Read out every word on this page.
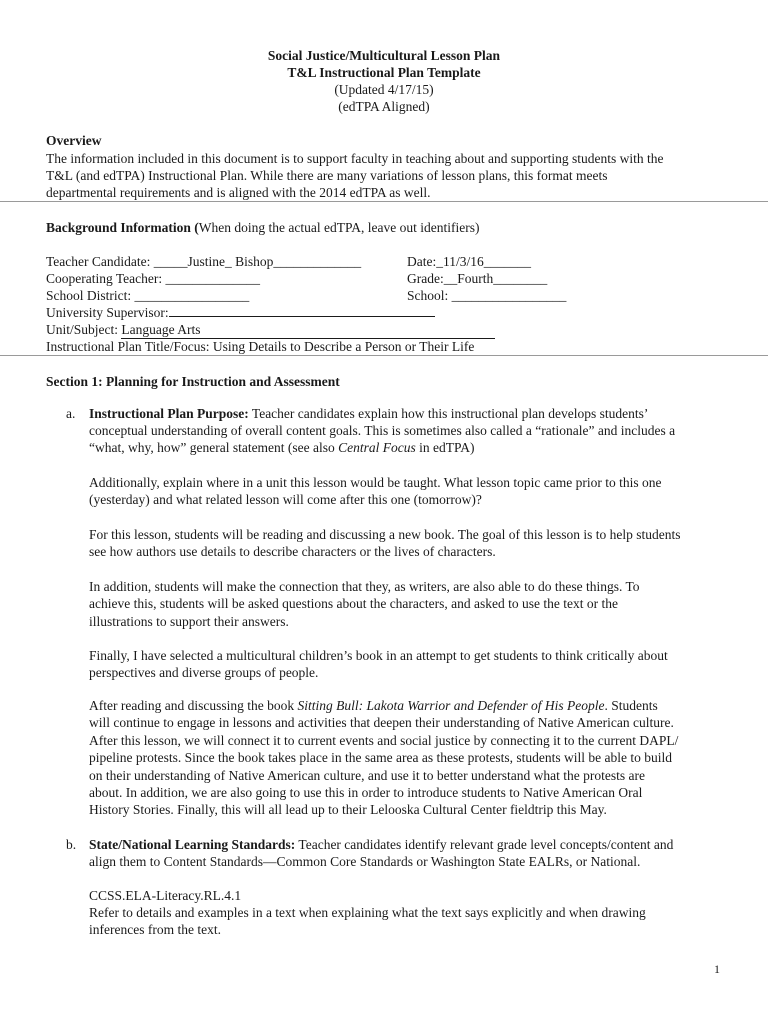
Social Justice/Multicultural Lesson Plan
T&L Instructional Plan Template
(Updated 4/17/15)
(edTPA Aligned)
Overview
The information included in this document is to support faculty in teaching about and supporting students with the
T&L (and edTPA) Instructional Plan. While there are many variations of lesson plans, this format meets
departmental requirements and is aligned with the 2014 edTPA as well.
Background Information (When doing the actual edTPA, leave out identifiers)
Teacher Candidate: _____Justine_ Bishop_____________	Date:_11/3/16_______
Cooperating Teacher: ______________	Grade:__Fourth________
School District: _________________	School: _________________
University Supervisor:
Unit/Subject: Language Arts
Instructional Plan Title/Focus: Using Details to Describe a Person or Their Life
Section 1: Planning for Instruction and Assessment
a. Instructional Plan Purpose: Teacher candidates explain how this instructional plan develops students’
conceptual understanding of overall content goals. This is sometimes also called a “rationale” and includes a
“what, why, how” general statement (see also Central Focus in edTPA)
Additionally, explain where in a unit this lesson would be taught. What lesson topic came prior to this one
(yesterday) and what related lesson will come after this one (tomorrow)?
For this lesson, students will be reading and discussing a new book. The goal of this lesson is to help students
see how authors use details to describe characters or the lives of characters.
In addition, students will make the connection that they, as writers, are also able to do these things. To
achieve this, students will be asked questions about the characters, and asked to use the text or the
illustrations to support their answers.
Finally, I have selected a multicultural children’s book in an attempt to get students to think critically about
perspectives and diverse groups of people.
After reading and discussing the book Sitting Bull: Lakota Warrior and Defender of His People. Students
will continue to engage in lessons and activities that deepen their understanding of Native American culture.
After this lesson, we will connect it to current events and social justice by connecting it to the current DAPL/
pipeline protests. Since the book takes place in the same area as these protests, students will be able to build
on their understanding of Native American culture, and use it to better understand what the protests are
about. In addition, we are also going to use this in order to introduce students to Native American Oral
History Stories. Finally, this will all lead up to their Lelooska Cultural Center fieldtrip this May.
b. State/National Learning Standards: Teacher candidates identify relevant grade level concepts/content and
align them to Content Standards—Common Core Standards or Washington State EALRs, or National.
CCSS.ELA-Literacy.RL.4.1
Refer to details and examples in a text when explaining what the text says explicitly and when drawing
inferences from the text.
1
